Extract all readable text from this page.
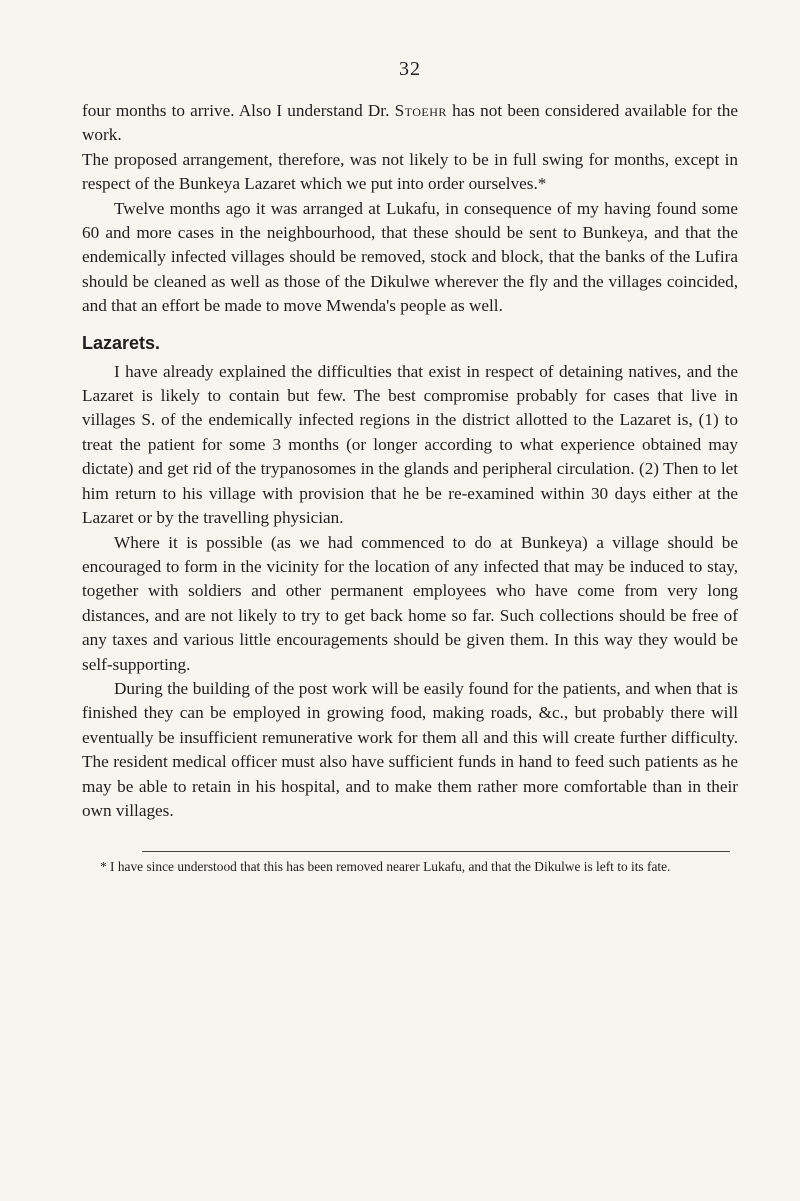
32

four months to arrive. Also I understand Dr. Stoehr has not been considered available for the work.

The proposed arrangement, therefore, was not likely to be in full swing for months, except in respect of the Bunkeya Lazaret which we put into order ourselves.*

Twelve months ago it was arranged at Lukafu, in consequence of my having found some 60 and more cases in the neighbourhood, that these should be sent to Bunkeya, and that the endemically infected villages should be removed, stock and block, that the banks of the Lufira should be cleaned as well as those of the Dikulwe wherever the fly and the villages coincided, and that an effort be made to move Mwenda's people as well.

Lazarets.

I have already explained the difficulties that exist in respect of detaining natives, and the Lazaret is likely to contain but few. The best compromise probably for cases that live in villages S. of the endemically infected regions in the district allotted to the Lazaret is, (1) to treat the patient for some 3 months (or longer according to what experience obtained may dictate) and get rid of the trypanosomes in the glands and peripheral circulation. (2) Then to let him return to his village with provision that he be re-examined within 30 days either at the Lazaret or by the travelling physician.

Where it is possible (as we had commenced to do at Bunkeya) a village should be encouraged to form in the vicinity for the location of any infected that may be induced to stay, together with soldiers and other permanent employees who have come from very long distances, and are not likely to try to get back home so far. Such collections should be free of any taxes and various little encouragements should be given them. In this way they would be self-supporting.

During the building of the post work will be easily found for the patients, and when that is finished they can be employed in growing food, making roads, &c., but probably there will eventually be insufficient remunerative work for them all and this will create further difficulty. The resident medical officer must also have sufficient funds in hand to feed such patients as he may be able to retain in his hospital, and to make them rather more comfortable than in their own villages.

* I have since understood that this has been removed nearer Lukafu, and that the Dikulwe is left to its fate.
